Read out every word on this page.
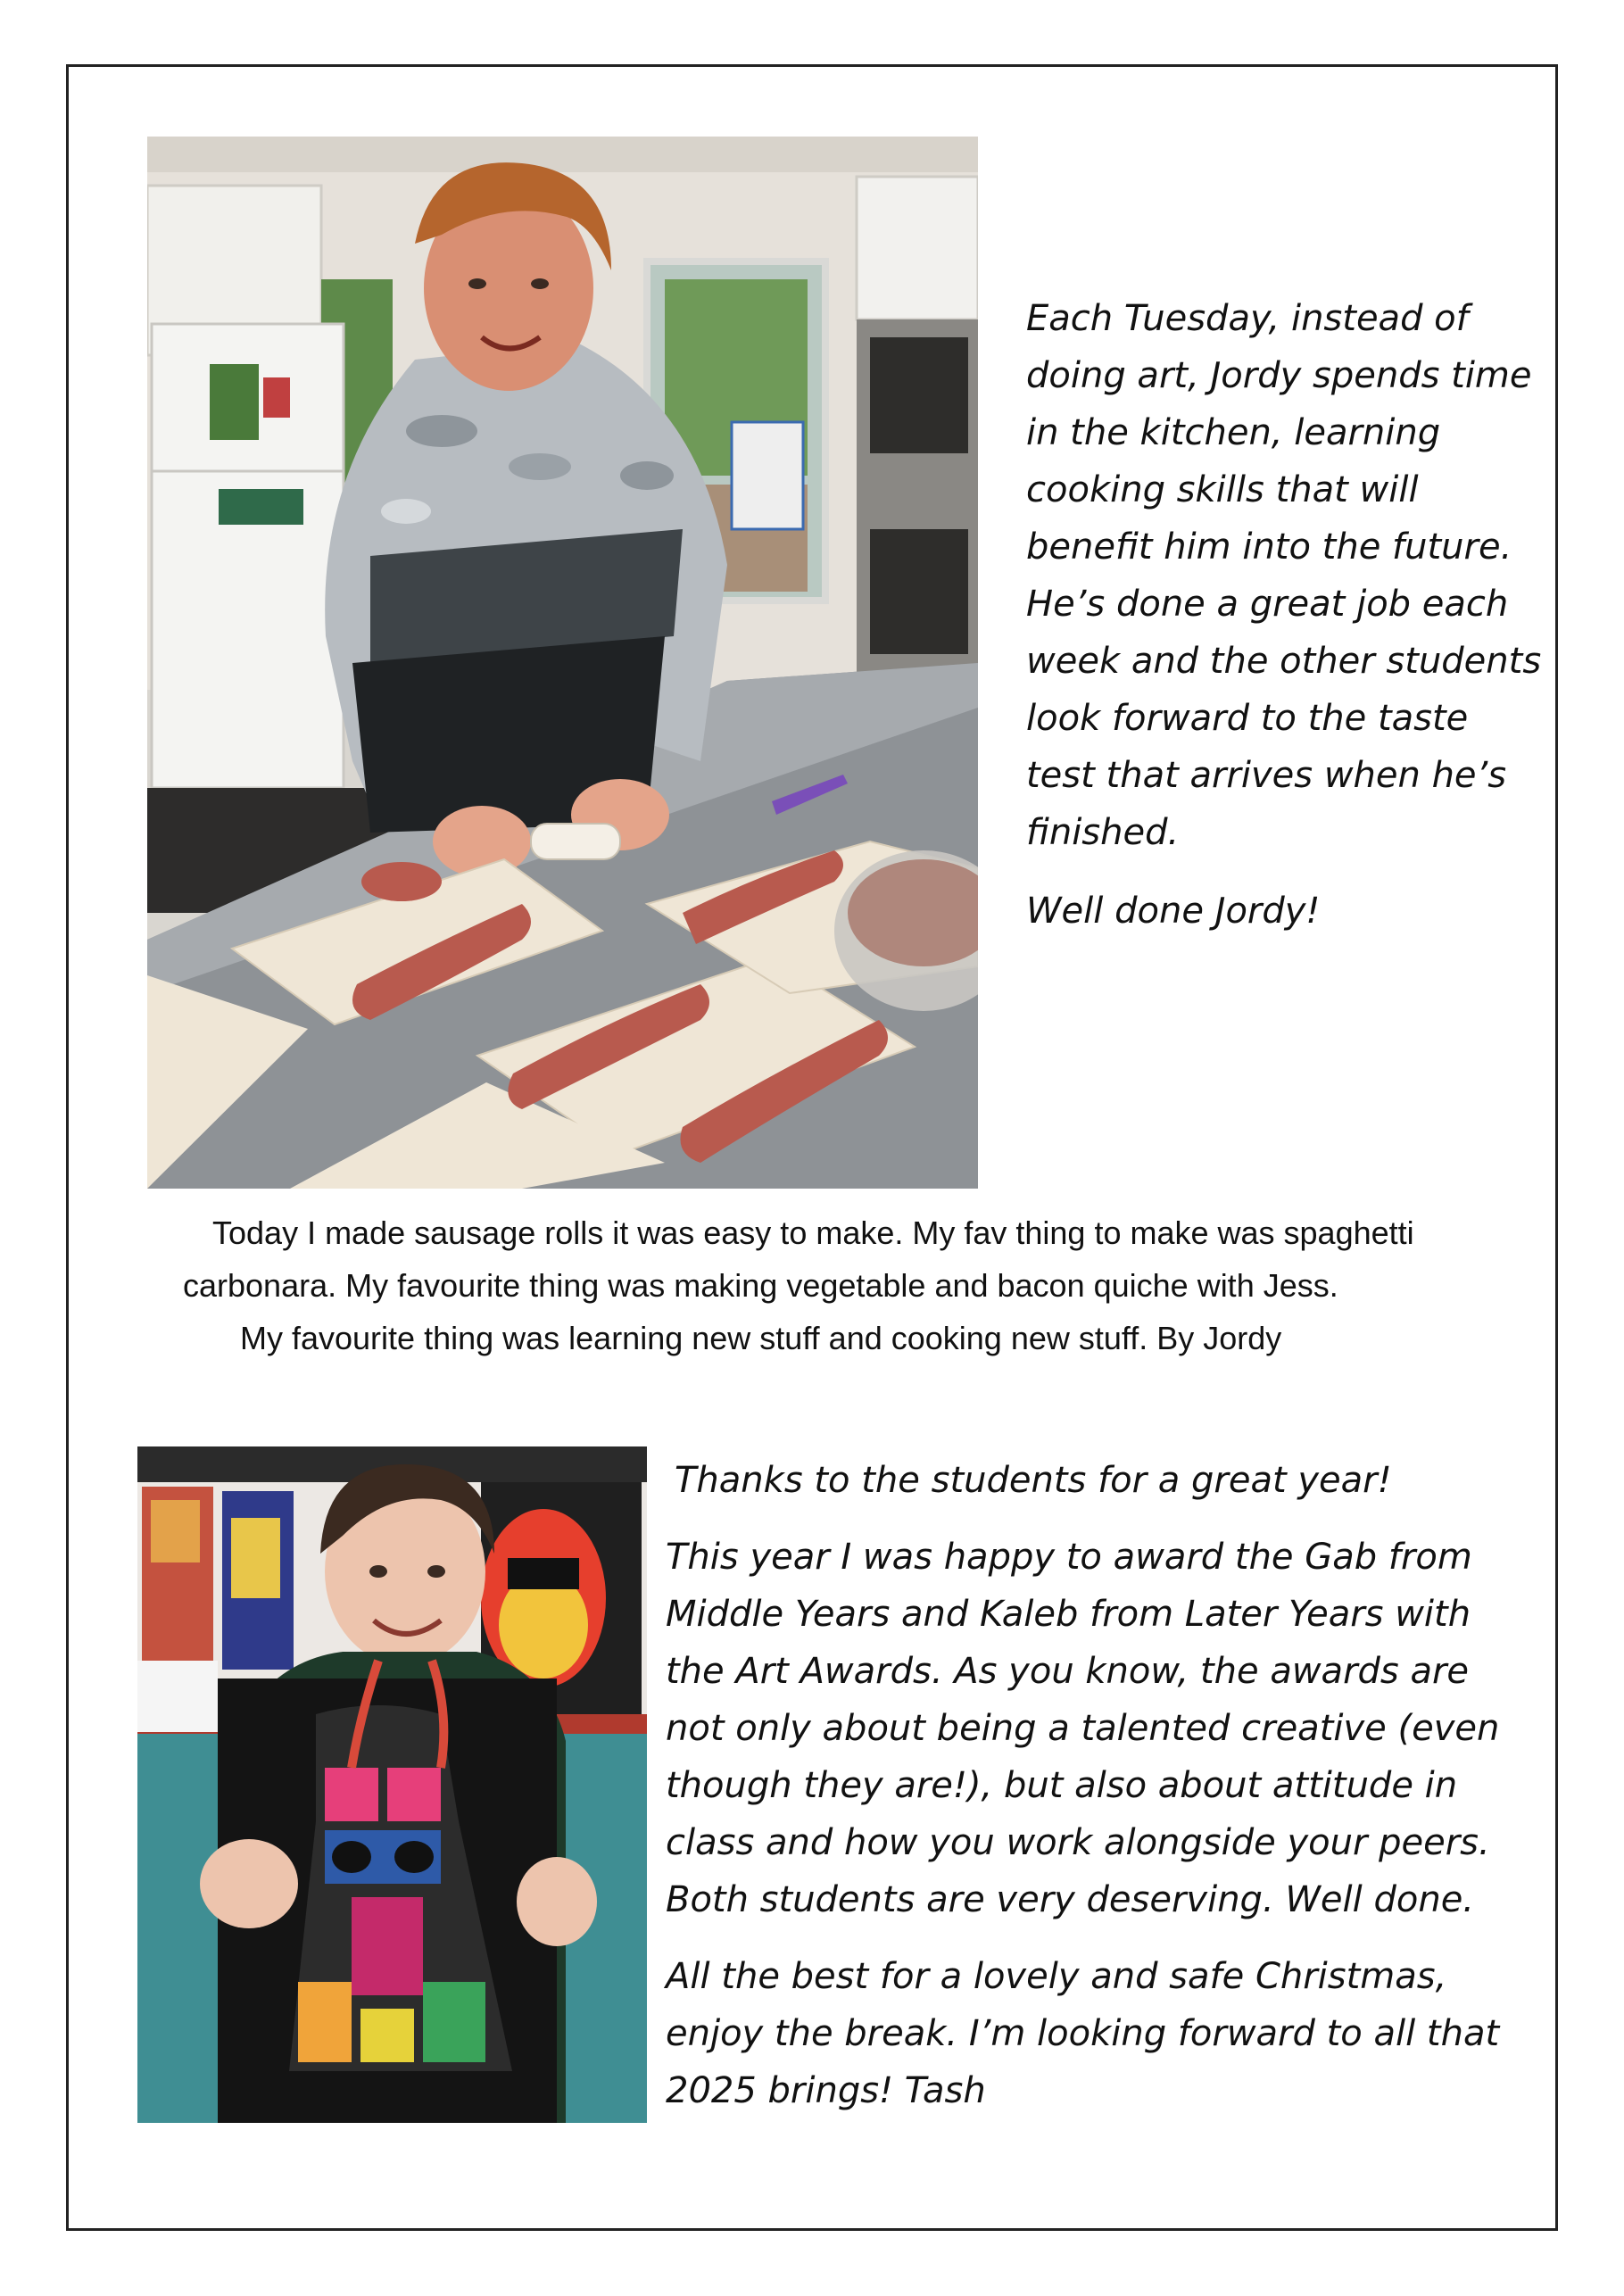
Each Tuesday, instead of doing art, Jordy spends time in the kitchen, learning cooking skills that will benefit him into the future. He’s done a great job each week and the other students look forward to the taste test that arrives when he’s finished.

Well done Jordy!

Today I made sausage rolls it was easy to make. My fav thing to make was spaghetti
carbonara. My favourite thing was making vegetable and bacon quiche with Jess.
My favourite thing was learning new stuff and cooking new stuff. By Jordy

Thanks to the students for a great year!

This year I was happy to award the Gab from Middle Years and Kaleb from Later Years with the Art Awards. As you know, the awards are not only about being a talented creative (even though they are!), but also about attitude in class and how you work alongside your peers. Both students are very deserving. Well done.

All the best for a lovely and safe Christmas, enjoy the break. I’m looking forward to all that 2025 brings! Tash
